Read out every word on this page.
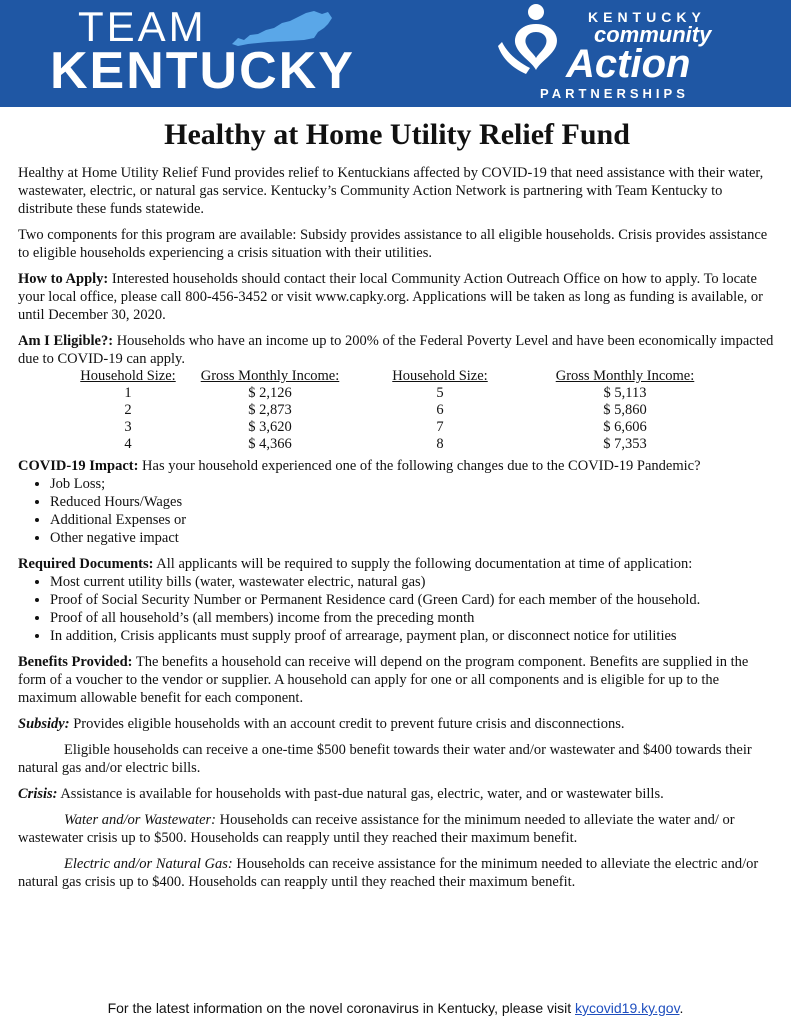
TEAM
KENTUCKY
KENTUCKY
community
Action
PARTNERSHIPS
Healthy at Home Utility Relief Fund

Healthy at Home Utility Relief Fund provides relief to Kentuckians affected by COVID-19 that need assistance with their water, wastewater, electric, or natural gas service. Kentucky’s Community Action Network is partnering with Team Kentucky to distribute these funds statewide.

Two components for this program are available: Subsidy provides assistance to all eligible households. Crisis provides assistance to eligible households experiencing a crisis situation with their utilities.

How to Apply: Interested households should contact their local Community Action Outreach Office on how to apply. To locate your local office, please call 800-456-3452 or visit www.capky.org. Applications will be taken as long as funding is available, or until December 30, 2020.

Am I Eligible?: Households who have an income up to 200% of the Federal Poverty Level and have been economically impacted due to COVID-19 can apply.

Household Size:	Gross Monthly Income:	Household Size:	Gross Monthly Income:
1	$ 2,126	5	$ 5,113
2	$ 2,873	6	$ 5,860
3	$ 3,620	7	$ 6,606
4	$ 4,366	8	$ 7,353

COVID-19 Impact: Has your household experienced one of the following changes due to the COVID-19 Pandemic?

• Job Loss;
• Reduced Hours/Wages
• Additional Expenses or
• Other negative impact

Required Documents: All applicants will be required to supply the following documentation at time of application:

• Most current utility bills (water, wastewater electric, natural gas)
• Proof of Social Security Number or Permanent Residence card (Green Card) for each member of the household.
• Proof of all household’s (all members) income from the preceding month
• In addition, Crisis applicants must supply proof of arrearage, payment plan, or disconnect notice for utilities

Benefits Provided: The benefits a household can receive will depend on the program component. Benefits are supplied in the form of a voucher to the vendor or supplier. A household can apply for one or all components and is eligible for up to the maximum allowable benefit for each component.

Subsidy: Provides eligible households with an account credit to prevent future crisis and disconnections.

Eligible households can receive a one-time $500 benefit towards their water and/or wastewater and $400 towards their natural gas and/or electric bills.

Crisis: Assistance is available for households with past-due natural gas, electric, water, and or wastewater bills.

Water and/or Wastewater: Households can receive assistance for the minimum needed to alleviate the water and/ or wastewater crisis up to $500. Households can reapply until they reached their maximum benefit.

Electric and/or Natural Gas: Households can receive assistance for the minimum needed to alleviate the electric and/or natural gas crisis up to $400. Households can reapply until they reached their maximum benefit.

For the latest information on the novel coronavirus in Kentucky, please visit kycovid19.ky.gov.
